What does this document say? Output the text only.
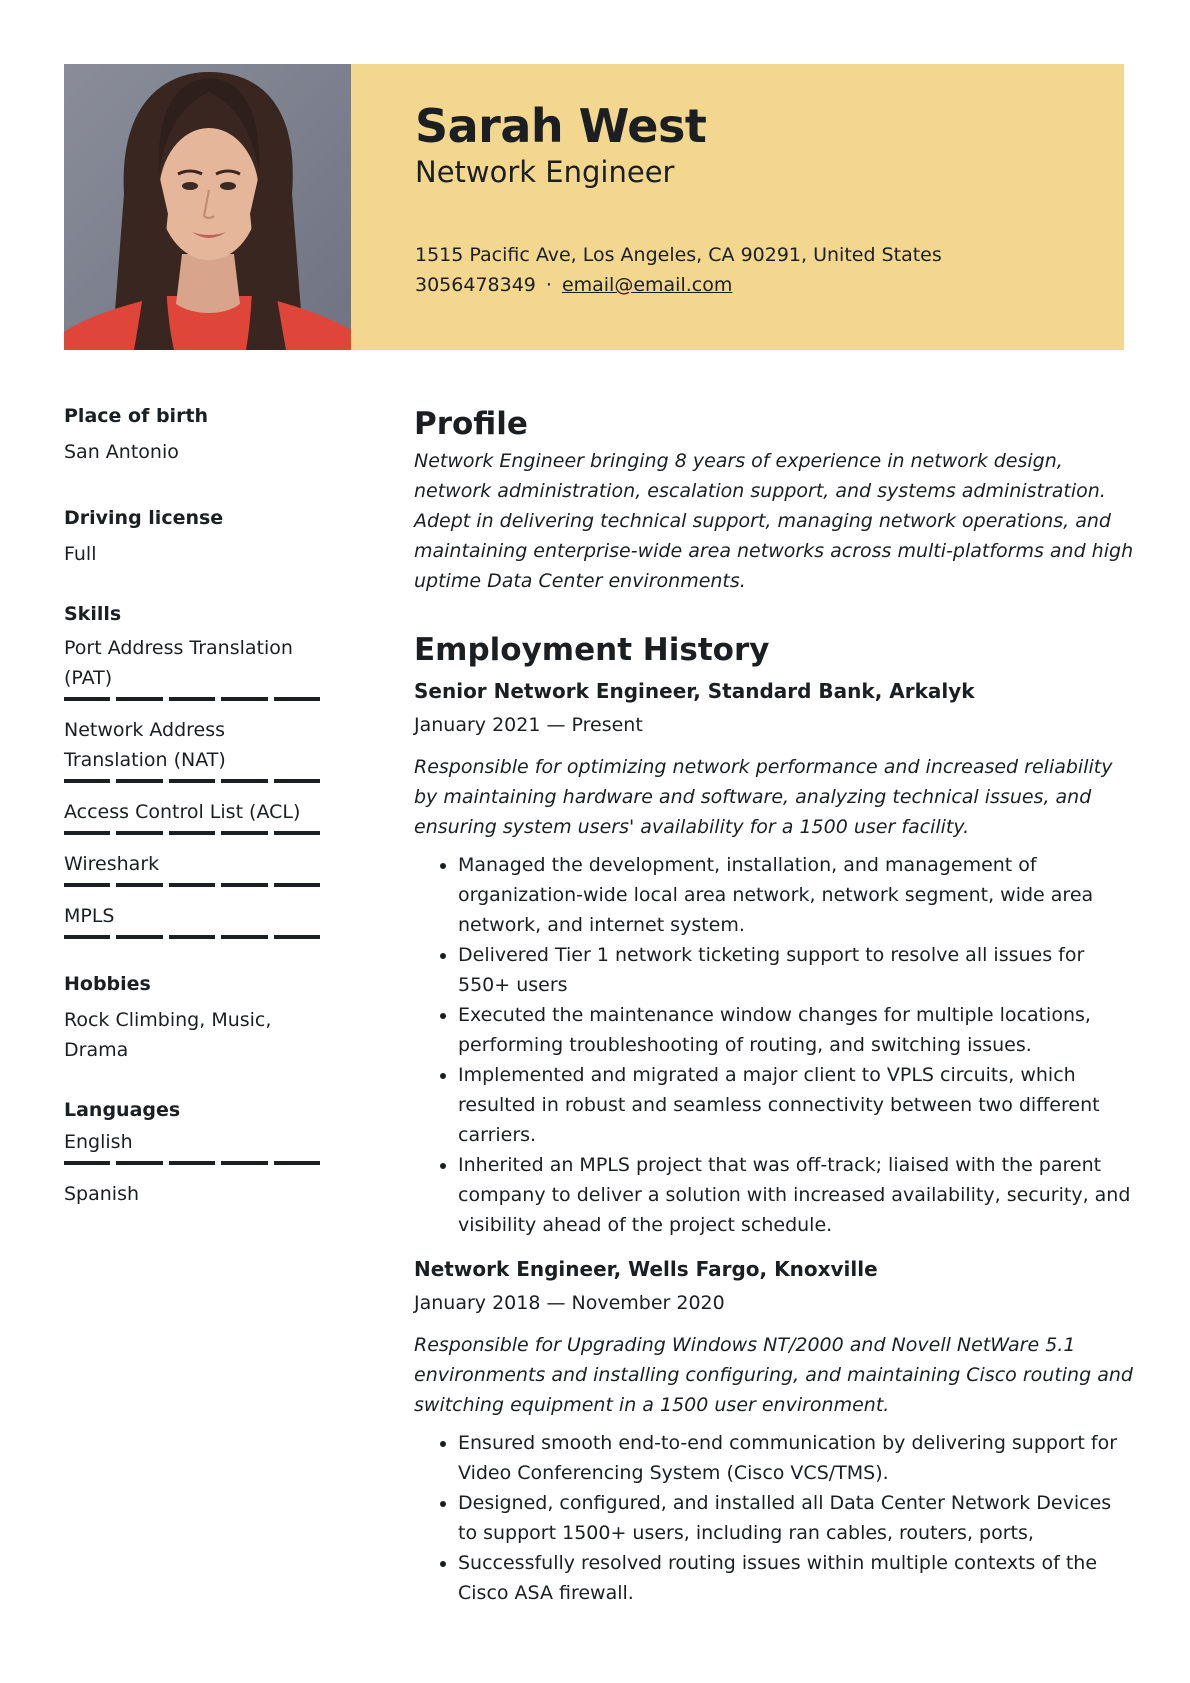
Sarah West

Network Engineer

1515 Pacific Ave, Los Angeles, CA 90291, United States
3056478349 · email@email.com

Place of birth

San Antonio

Driving license

Full

Skills

Port Address Translation (PAT)
Network Address Translation (NAT)
Access Control List (ACL)
Wireshark
MPLS

Hobbies

Rock Climbing, Music, Drama

Languages

English
Spanish
Profile

Network Engineer bringing 8 years of experience in network design, network administration, escalation support, and systems administration. Adept in delivering technical support, managing network operations, and maintaining enterprise-wide area networks across multi-platforms and high uptime Data Center environments.

Employment History

Senior Network Engineer, Standard Bank, Arkalyk

January 2021 — Present

Responsible for optimizing network performance and increased reliability by maintaining hardware and software, analyzing technical issues, and ensuring system users' availability for a 1500 user facility.

• Managed the development, installation, and management of organization-wide local area network, network segment, wide area network, and internet system.
• Delivered Tier 1 network ticketing support to resolve all issues for 550+ users
• Executed the maintenance window changes for multiple locations, performing troubleshooting of routing, and switching issues.
• Implemented and migrated a major client to VPLS circuits, which resulted in robust and seamless connectivity between two different carriers.
• Inherited an MPLS project that was off-track; liaised with the parent company to deliver a solution with increased availability, security, and visibility ahead of the project schedule.

Network Engineer, Wells Fargo, Knoxville

January 2018 — November 2020

Responsible for Upgrading Windows NT/2000 and Novell NetWare 5.1 environments and installing configuring, and maintaining Cisco routing and switching equipment in a 1500 user environment.

• Ensured smooth end-to-end communication by delivering support for Video Conferencing System (Cisco VCS/TMS).
• Designed, configured, and installed all Data Center Network Devices to support 1500+ users, including ran cables, routers, ports,
• Successfully resolved routing issues within multiple contexts of the Cisco ASA firewall.
